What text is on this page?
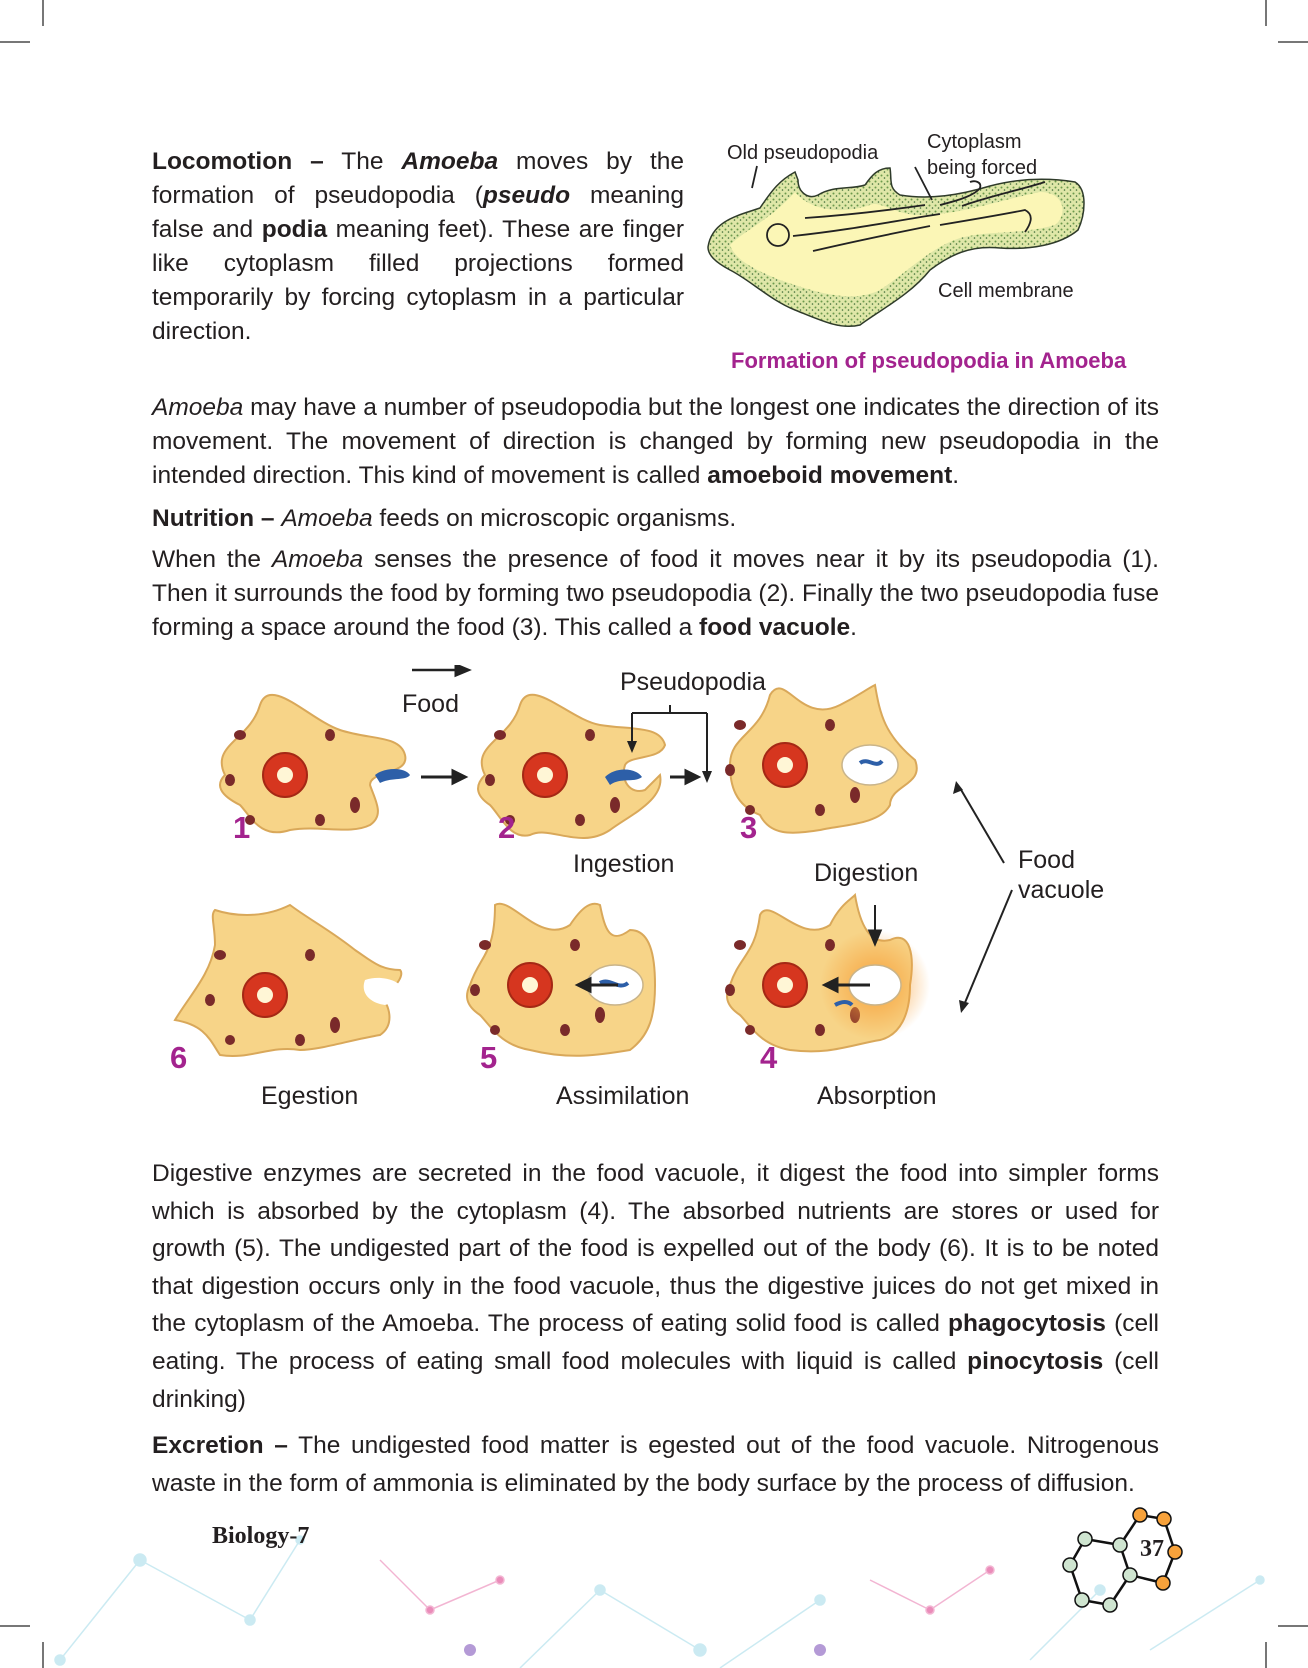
Locomotion – The Amoeba moves by the formation of pseudopodia (pseudo meaning false and podia meaning feet). These are finger like cytoplasm filled projections formed temporarily by forcing cytoplasm in a particular direction.
Old pseudopodia Cytoplasm
being forced
Cell membrane
Formation of pseudopodia in Amoeba
Amoeba may have a number of pseudopodia but the longest one indicates the direction of its movement. The movement of direction is changed by forming new pseudopodia in the intended direction. This kind of movement is called amoeboid movement.
Nutrition – Amoeba feeds on microscopic organisms.
When the Amoeba senses the presence of food it moves near it by its pseudopodia (1). Then it surrounds the food by forming two pseudopodia (2). Finally the two pseudopodia fuse forming a space around the food (3). This called a food vacuole.
Food
Pseudopodia
Food
vacuole
1	2	3
4
5
6
Ingestion	Digestion
Absorption
Assimilation
Egestion
Digestive enzymes are secreted in the food vacuole, it digest the food into simpler forms which is absorbed by the cytoplasm (4). The absorbed nutrients are stores or used for growth (5). The undigested part of the food is expelled out of the body (6). It is to be noted that digestion occurs only in the food vacuole, thus the digestive juices do not get mixed in the cytoplasm of the Amoeba. The process of eating solid food is called phagocytosis (cell eating. The process of eating small food molecules with liquid is called pinocytosis (cell drinking)
Excretion – The undigested food matter is egested out of the food vacuole. Nitrogenous waste in the form of ammonia is eliminated by the body surface by the process of diffusion.
Biology-7	37
